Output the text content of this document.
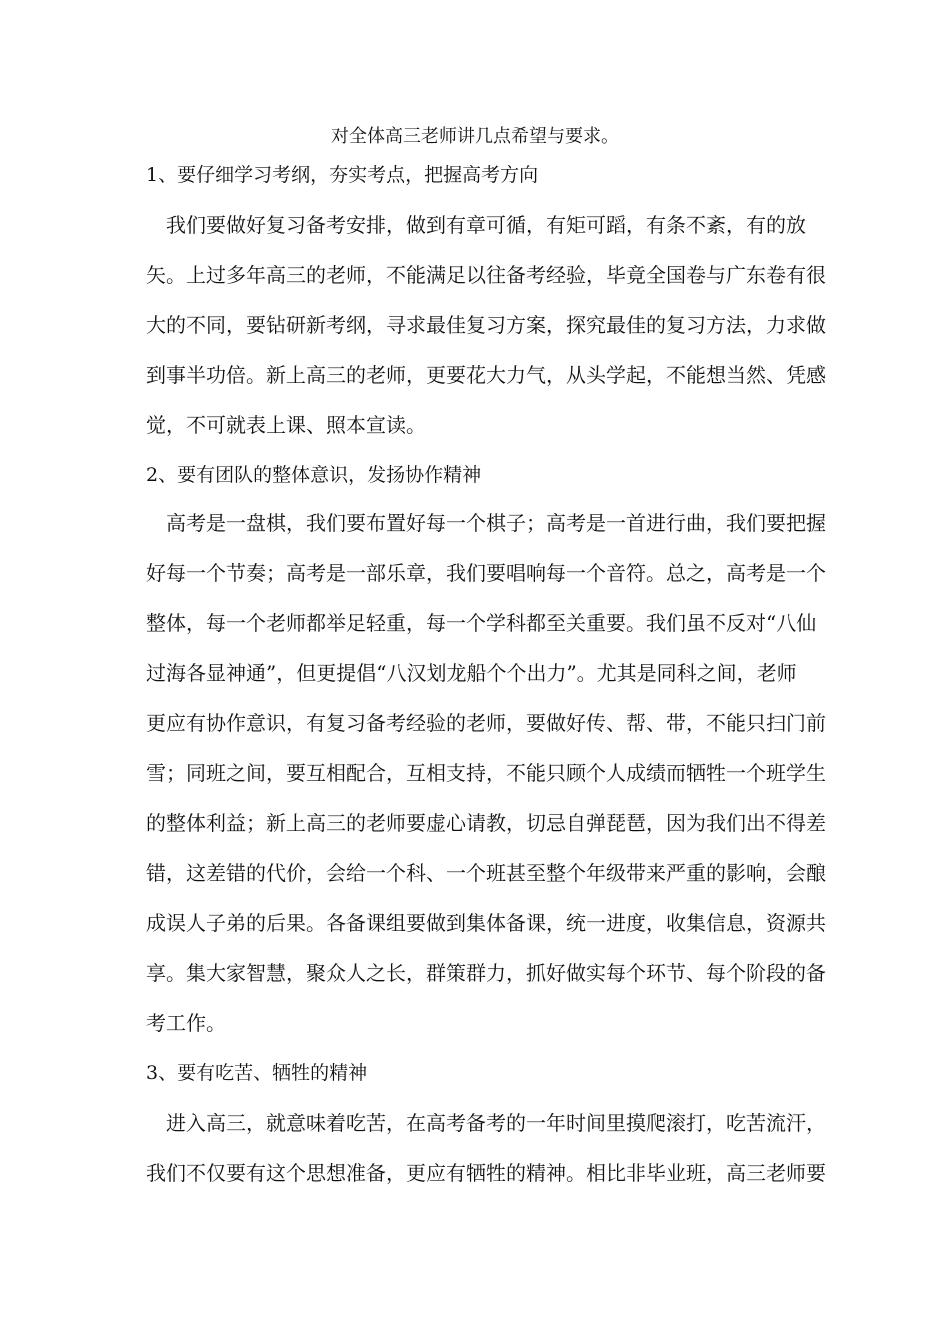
对全体高三老师讲几点希望与要求。
1、要仔细学习考纲，夯实考点，把握高考方向
　我们要做好复习备考安排，做到有章可循，有矩可蹈，有条不紊，有的放
矢。上过多年高三的老师，不能满足以往备考经验，毕竟全国卷与广东卷有很
大的不同，要钻研新考纲，寻求最佳复习方案，探究最佳的复习方法，力求做
到事半功倍。新上高三的老师，更要花大力气，从头学起，不能想当然、凭感
觉，不可就表上课、照本宣读。
2、要有团队的整体意识，发扬协作精神
　高考是一盘棋，我们要布置好每一个棋子；高考是一首进行曲，我们要把握
好每一个节奏；高考是一部乐章，我们要唱响每一个音符。总之，高考是一个
整体，每一个老师都举足轻重，每一个学科都至关重要。我们虽不反对“八仙
过海各显神通”，但更提倡“八汉划龙船个个出力”。尤其是同科之间，老师
更应有协作意识，有复习备考经验的老师，要做好传、帮、带，不能只扫门前
雪；同班之间，要互相配合，互相支持，不能只顾个人成绩而牺牲一个班学生
的整体利益；新上高三的老师要虚心请教，切忌自弹琵琶，因为我们出不得差
错，这差错的代价，会给一个科、一个班甚至整个年级带来严重的影响，会酿
成误人子弟的后果。各备课组要做到集体备课，统一进度，收集信息，资源共
享。集大家智慧，聚众人之长，群策群力，抓好做实每个环节、每个阶段的备
考工作。
3、要有吃苦、牺牲的精神
　进入高三，就意味着吃苦，在高考备考的一年时间里摸爬滚打，吃苦流汗，
我们不仅要有这个思想准备，更应有牺牲的精神。相比非毕业班，高三老师要
